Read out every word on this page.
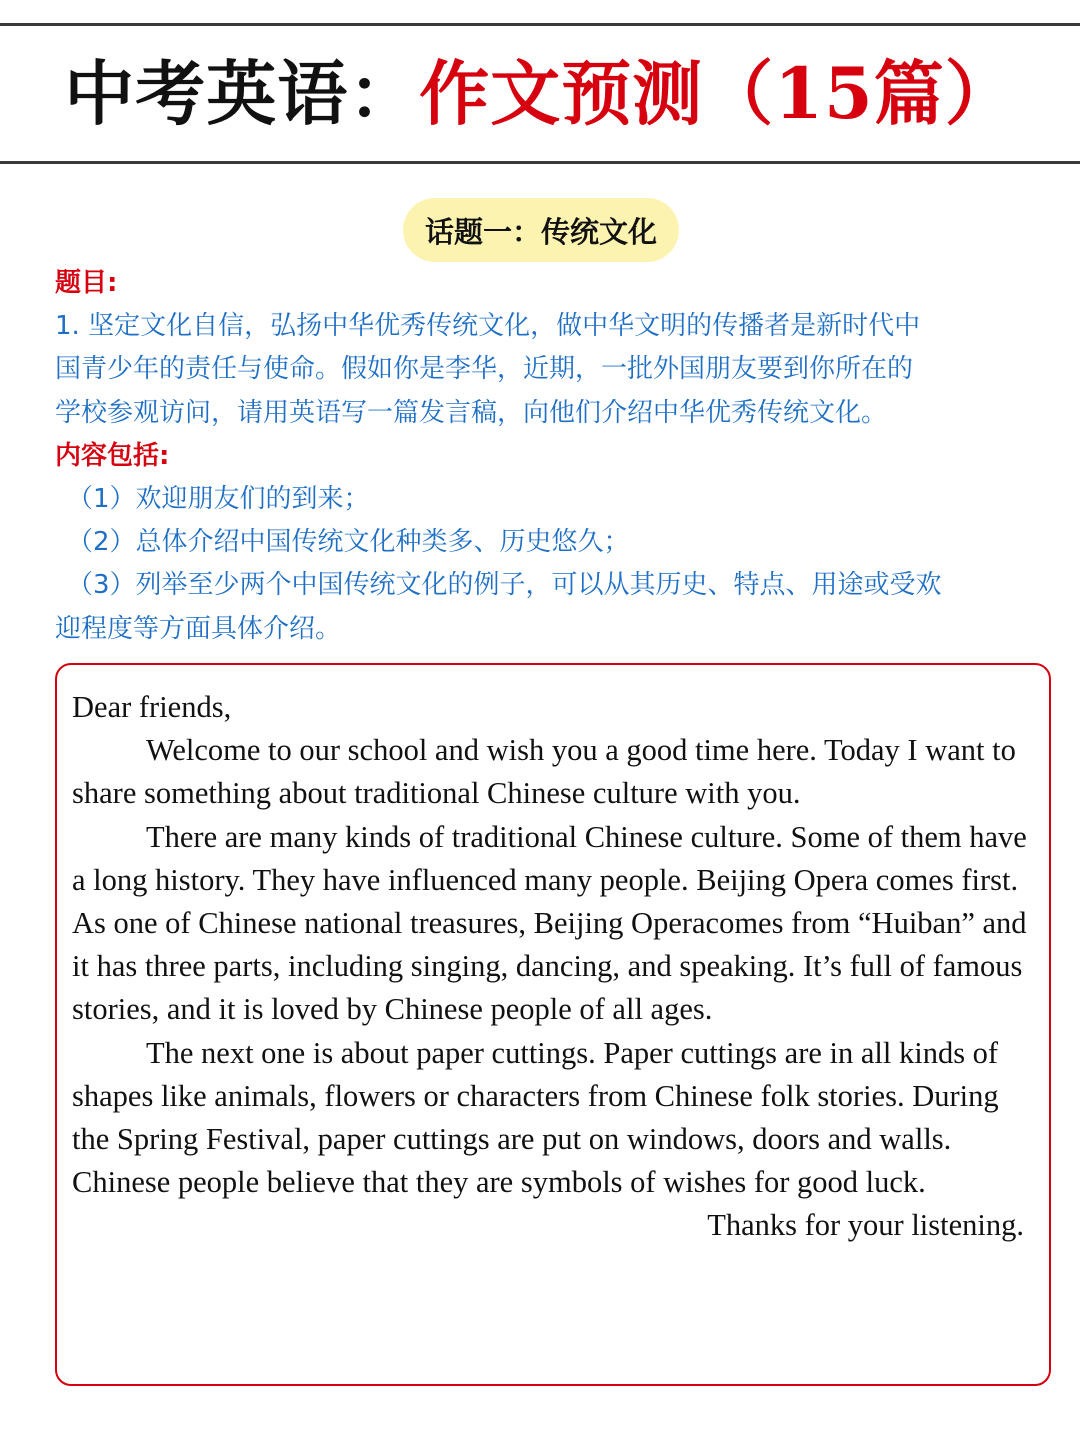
中考英语：作文预测（15篇）
话题一：传统文化
题目:
1. 坚定文化自信，弘扬中华优秀传统文化，做中华文明的传播者是新时代中
国青少年的责任与使命。假如你是李华，近期，一批外国朋友要到你所在的
学校参观访问，请用英语写一篇发言稿，向他们介绍中华优秀传统文化。
内容包括:
（1）欢迎朋友们的到来；
（2）总体介绍中国传统文化种类多、历史悠久；
（3）列举至少两个中国传统文化的例子，可以从其历史、特点、用途或受欢
迎程度等方面具体介绍。

Dear friends,

Welcome to our school and wish you a good time here. Today I want to share something about traditional Chinese culture with you.

There are many kinds of traditional Chinese culture. Some of them have a long history. They have influenced many people. Beijing Opera comes first. As one of Chinese national treasures, Beijing Operacomes from “Huiban” and it has three parts, including singing, dancing, and speaking. It’s full of famous stories, and it is loved by Chinese people of all ages.

The next one is about paper cuttings. Paper cuttings are in all kinds of shapes like animals, flowers or characters from Chinese folk stories. During the Spring Festival, paper cuttings are put on windows, doors and walls. Chinese people believe that they are symbols of wishes for good luck.

Thanks for your listening.
